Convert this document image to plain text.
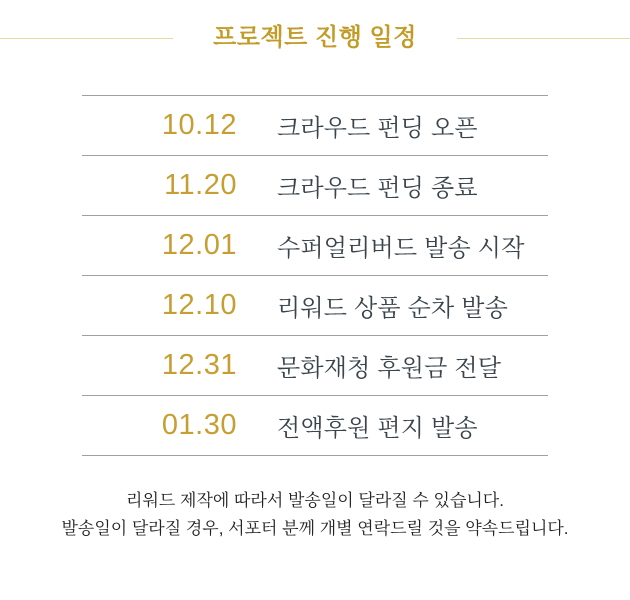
프로젝트 진행 일정
10.12 크라우드 펀딩 오픈
11.20 크라우드 펀딩 종료
12.01 수퍼얼리버드 발송 시작
12.10 리워드 상품 순차 발송
12.31 문화재청 후원금 전달
01.30 전액후원 편지 발송
리워드 제작에 따라서 발송일이 달라질 수 있습니다.
발송일이 달라질 경우, 서포터 분께 개별 연락드릴 것을 약속드립니다.
